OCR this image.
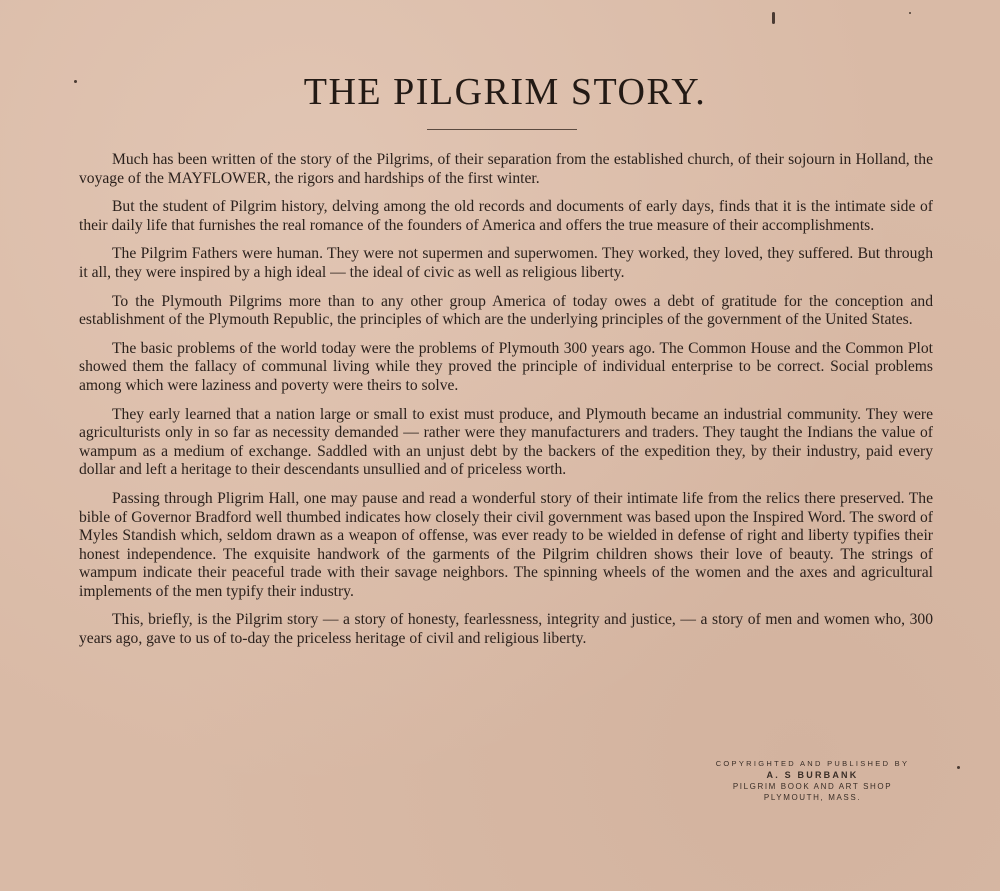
THE PILGRIM STORY.

Much has been written of the story of the Pilgrims, of their separation from the established church, of their sojourn in Holland, the voyage of the MAYFLOWER, the rigors and hardships of the first winter.

But the student of Pilgrim history, delving among the old records and documents of early days, finds that it is the intimate side of their daily life that furnishes the real romance of the founders of America and offers the true measure of their accomplishments.

The Pilgrim Fathers were human. They were not supermen and superwomen. They worked, they loved, they suffered. But through it all, they were inspired by a high ideal — the ideal of civic as well as religious liberty.

To the Plymouth Pilgrims more than to any other group America of today owes a debt of gratitude for the conception and establishment of the Plymouth Republic, the principles of which are the underlying principles of the government of the United States.

The basic problems of the world today were the problems of Plymouth 300 years ago. The Common House and the Common Plot showed them the fallacy of communal living while they proved the principle of individual enterprise to be correct. Social problems among which were laziness and poverty were theirs to solve.

They early learned that a nation large or small to exist must produce, and Plymouth became an industrial community. They were agriculturists only in so far as necessity demanded — rather were they manufacturers and traders. They taught the Indians the value of wampum as a medium of exchange. Saddled with an unjust debt by the backers of the expedition they, by their industry, paid every dollar and left a heritage to their descendants unsullied and of priceless worth.

Passing through Pligrim Hall, one may pause and read a wonderful story of their intimate life from the relics there preserved. The bible of Governor Bradford well thumbed indicates how closely their civil government was based upon the Inspired Word. The sword of Myles Standish which, seldom drawn as a weapon of offense, was ever ready to be wielded in defense of right and liberty typifies their honest independence. The exquisite handwork of the garments of the Pilgrim children shows their love of beauty. The strings of wampum indicate their peaceful trade with their savage neighbors. The spinning wheels of the women and the axes and agricultural implements of the men typify their industry.

This, briefly, is the Pilgrim story — a story of honesty, fearlessness, integrity and justice, — a story of men and women who, 300 years ago, gave to us of to-day the priceless heritage of civil and religious liberty.

COPYRIGHTED AND PUBLISHED BY
A. S BURBANK
PILGRIM BOOK AND ART SHOP
PLYMOUTH, MASS.
